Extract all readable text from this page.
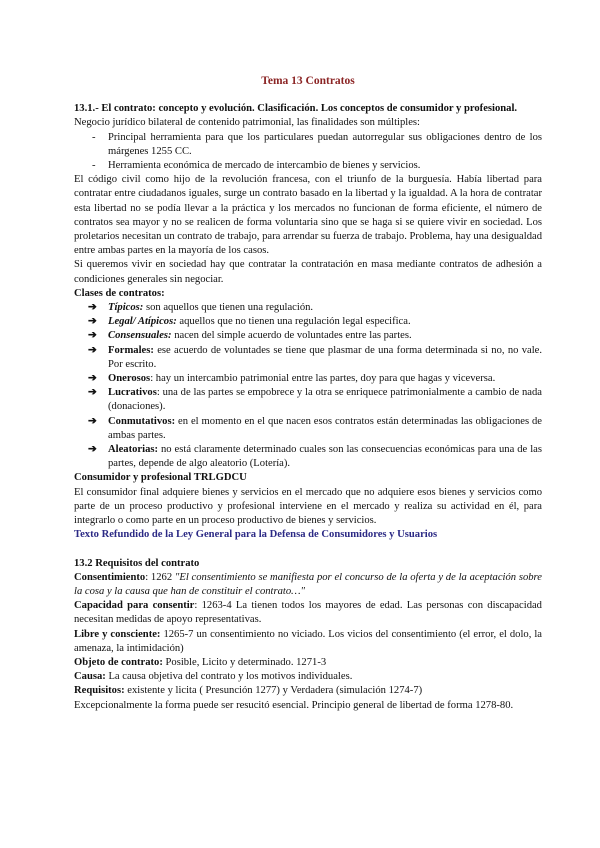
Tema 13 Contratos

13.1.- El contrato: concepto y evolución. Clasificación. Los conceptos de consumidor y profesional.

Negocio jurídico bilateral de contenido patrimonial, las finalidades son múltiples:

- Principal herramienta para que los particulares puedan autorregular sus obligaciones dentro de los márgenes 1255 CC.
- Herramienta económica de mercado de intercambio de bienes y servicios.

El código civil como hijo de la revolución francesa, con el triunfo de la burguesía. Había libertad para contratar entre ciudadanos iguales, surge un contrato basado en la libertad y la igualdad. A la hora de contratar esta libertad no se podía llevar a la práctica y los mercados no funcionan de forma eficiente, el número de contratos sea mayor y no se realicen de forma voluntaria sino que se haga si se quiere vivir en sociedad. Los proletarios necesitan un contrato de trabajo, para arrendar su fuerza de trabajo. Problema, hay una desigualdad entre ambas partes en la mayoría de los casos.

Si queremos vivir en sociedad hay que contratar la contratación en masa mediante contratos de adhesión a condiciones generales sin negociar.

Clases de contratos:

➔ Típicos: son aquellos que tienen una regulación.
➔ Legal/ Atípicos: aquellos que no tienen una regulación legal especifica.
➔ Consensuales: nacen del simple acuerdo de voluntades entre las partes.
➔ Formales: ese acuerdo de voluntades se tiene que plasmar de una forma determinada si no, no vale. Por escrito.
➔ Onerosos: hay un intercambio patrimonial entre las partes, doy para que hagas y viceversa.
➔ Lucrativos: una de las partes se empobrece y la otra se enriquece patrimonialmente a cambio de nada (donaciones).
➔ Conmutativos: en el momento en el que nacen esos contratos están determinadas las obligaciones de ambas partes.
➔ Aleatorias: no está claramente determinado cuales son las consecuencias económicas para una de las partes, depende de algo aleatorio (Lotería).

Consumidor y profesional TRLGDCU

El consumidor final adquiere bienes y servicios en el mercado que no adquiere esos bienes y servicios como parte de un proceso productivo y profesional interviene en el mercado y realiza su actividad en él, para integrarlo o como parte en un proceso productivo de bienes y servicios.

Texto Refundido de la Ley General para la Defensa de Consumidores y Usuarios

13.2 Requisitos del contrato

Consentimiento: 1262 "El consentimiento se manifiesta por el concurso de la oferta y de la aceptación sobre la cosa y la causa que han de constituir el contrato…"

Capacidad para consentir: 1263-4 La tienen todos los mayores de edad. Las personas con discapacidad necesitan medidas de apoyo representativas.

Libre y consciente: 1265-7 un consentimiento no viciado. Los vicios del consentimiento (el error, el dolo, la amenaza, la intimidación)

Objeto de contrato: Posible, Licito y determinado. 1271-3

Causa: La causa objetiva del contrato y los motivos individuales.

Requisitos: existente y licita ( Presunción 1277) y Verdadera (simulación 1274-7)

Excepcionalmente la forma puede ser resucitó esencial. Principio general de libertad de forma 1278-80.
